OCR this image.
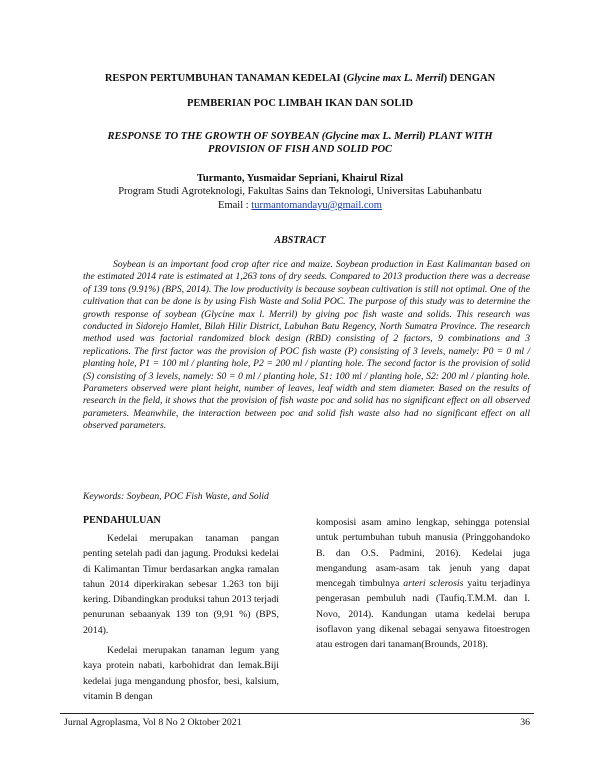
RESPON PERTUMBUHAN TANAMAN KEDELAI (Glycine max L. Merril) DENGAN
PEMBERIAN POC LIMBAH IKAN DAN SOLID
RESPONSE TO THE GROWTH OF SOYBEAN (Glycine max L. Merril) PLANT WITH
PROVISION OF FISH AND SOLID POC
Turmanto, Yusmaidar Sepriani, Khairul Rizal
Program Studi Agroteknologi, Fakultas Sains dan Teknologi, Universitas Labuhanbatu
Email : turmantomandayu@gmail.com
ABSTRACT
Soybean is an important food crop after rice and maize. Soybean production in East Kalimantan based on the estimated 2014 rate is estimated at 1,263 tons of dry seeds. Compared to 2013 production there was a decrease of 139 tons (9.91%) (BPS, 2014). The low productivity is because soybean cultivation is still not optimal. One of the cultivation that can be done is by using Fish Waste and Solid POC. The purpose of this study was to determine the growth response of soybean (Glycine max l. Merril) by giving poc fish waste and solids. This research was conducted in Sidorejo Hamlet, Bilah Hilir District, Labuhan Batu Regency, North Sumatra Province. The research method used was factorial randomized block design (RBD) consisting of 2 factors, 9 combinations and 3 replications. The first factor was the provision of POC fish waste (P) consisting of 3 levels, namely: P0 = 0 ml / planting hole, P1 = 100 ml / planting hole, P2 = 200 ml / planting hole. The second factor is the provision of solid (S) consisting of 3 levels, namely: S0 = 0 ml / planting hole, S1: 100 ml / planting hole, S2: 200 ml / planting hole. Parameters observed were plant height, number of leaves, leaf width and stem diameter. Based on the results of research in the field, it shows that the provision of fish waste poc and solid has no significant effect on all observed parameters. Meanwhile, the interaction between poc and solid fish waste also had no significant effect on all observed parameters.
Keywords: Soybean, POC Fish Waste, and Solid
PENDAHULUAN

Kedelai merupakan tanaman pangan penting setelah padi dan jagung. Produksi kedelai di Kalimantan Timur berdasarkan angka ramalan tahun 2014 diperkirakan sebesar 1.263 ton biji kering. Dibandingkan produksi tahun 2013 terjadi penurunan sebaanyak 139 ton (9,91 %) (BPS, 2014).

Kedelai merupakan tanaman legum yang kaya protein nabati, karbohidrat dan lemak.Biji kedelai juga mengandung phosfor, besi, kalsium, vitamin B dengan

komposisi asam amino lengkap, sehingga potensial untuk pertumbuhan tubuh manusia (Pringgohandoko B. dan O.S. Padmini, 2016). Kedelai juga mengandung asam-asam tak jenuh yang dapat mencegah timbulnya arteri sclerosis yaitu terjadinya pengerasan pembuluh nadi (Taufiq.T.M.M. dan I. Novo, 2014). Kandungan utama kedelai berupa isoflavon yang dikenal sebagai senyawa fitoestrogen atau estrogen dari tanaman(Brounds, 2018).

Jurnal Agroplasma, Vol 8 No 2 Oktober 2021	36
